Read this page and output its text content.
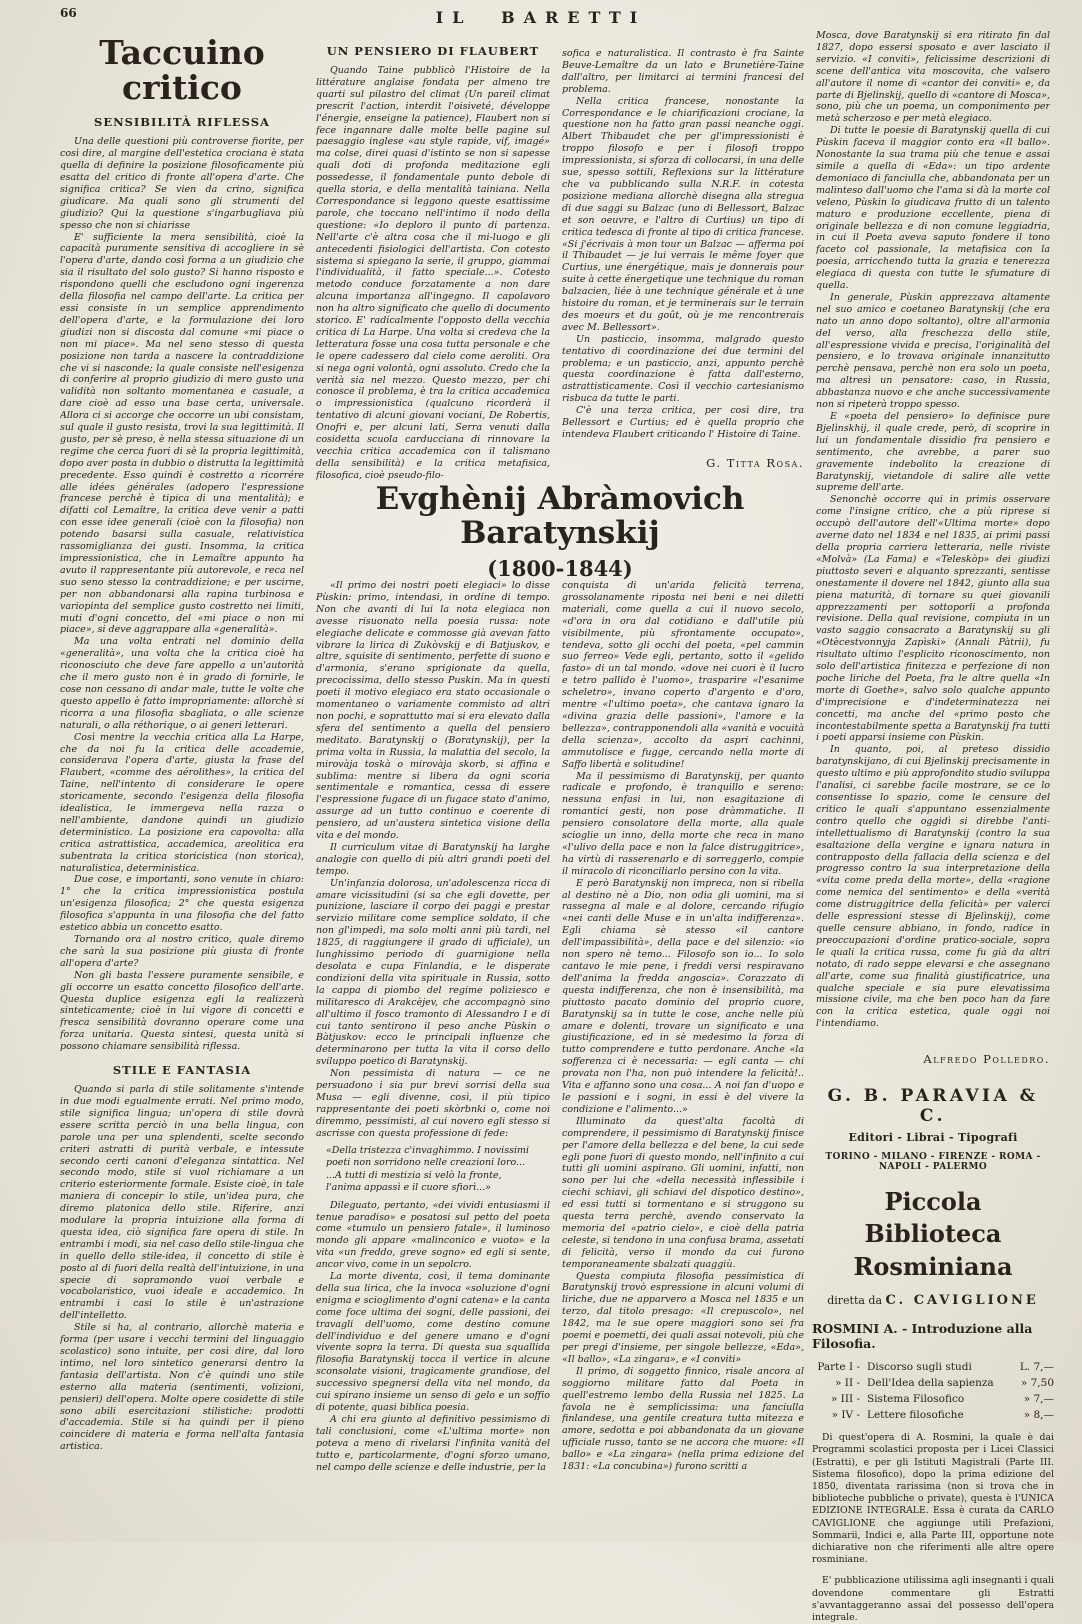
66	IL BARETTI
Taccuino critico
SENSIBILITÀ RIFLESSA

Una delle questioni più controverse fiorite, per così dire, al margine dell'estetica crociana è stata quella di definire la posizione filosoficamente più esatta del critico di fronte all'opera d'arte. Che significa critica? Se vien da crino, significa giudicare. Ma quali sono gli strumenti del giudizio? Qui la questione s'ingarbugliava più spesso che non si chiarisse

E' sufficiente la mera sensibilità, cioè la capacità puramente sensitiva di accogliere in sè l'opera d'arte, dando così forma a un giudizio che sia il risultato del solo gusto? Si hanno risposto e rispondono quelli che escludono ogni ingerenza della filosofia nel campo dell'arte. La critica per essi consiste in un semplice apprendimento dell'opera d'arte, e la formulazione dei loro giudizi non si discosta dal comune «mi piace o non mi piace». Ma nel seno stesso di questa posizione non tarda a nascere la contraddizione che vi si nasconde; la quale consiste nell'esigenza di conferire al proprio giudizio di mero gusto una validità non soltanto momentanea e casuale, a dare cioè ad esso una base certa, universale. Allora ci si accorge che occorre un ubi consistam, sul quale il gusto resista, trovi la sua legittimità. Il gusto, per sè preso, è nella stessa situazione di un regime che cerca fuori di sè la propria legittimità, dopo aver posta in dubbio o distrutta la legittimità precedente. Esso quindi è costretto a ricorrére alle idées générales (adopero l'espressione francese perchè è tipica di una mentalità); e difatti col Lemaître, la critica deve venir a patti con esse idee generali (cioè con la filosofia) non potendo basarsi sulla casuale, relativistica rassomiglianza dei gusti. Insomma, la critica impressionistica, che in Lemaître appunto ha avuto il rappresentante più autorevole, e reca nel suo seno stesso la contraddizione; e per uscirne, per non abbandonarsi alla rapina turbinosa e variopinta del semplice gusto costretto nei limiti, muti d'ogni concetto, del «mi piace o non mi piace», si deve aggrappare alla «generalità».

Ma una volta entrati nel dominio della «generalità», una volta che la critica cioè ha riconosciuto che deve fare appello a un'autorità che il mero gusto non è in grado di fornirle, le cose non cessano di andar male, tutte le volte che questo appello è fatto impropriamente: allorchè si ricorra a una filosofia sbagliata, o alle scienze naturali, o alla réthorique, o ai generi letterari.

Così mentre la vecchia critica alla La Harpe, che da noi fu la critica delle accademie, considerava l'opera d'arte, giusta la frase del Flaubert, «comme des aérolithes», la critica del Taine, nell'intento di considerare le opere storicamente, secondo l'esigenza della filosofia idealistica, le immergeva nella razza o nell'ambiente, dandone quindi un giudizio deterministico. La posizione era capovolta: alla critica astrattistica, accademica, areolitica era subentrata la critica storicistica (non storica), naturalistica, deterministica.

Due cose, e importanti, sono venute in chiaro: 1° che la critica impressionistica postula un'esigenza filosofica; 2° che questa esigenza filosofica s'appunta in una filosofia che del fatto estetico abbia un concetto esatto.

Tornando ora al nostro critico, quale diremo che sarà la sua posizione più giusta di fronte all'opera d'arte?

Non gli basta l'essere puramente sensibile, e gli occorre un esatto concetto filosofico dell'arte. Questa duplice esigenza egli la realizzerà sinteticamente; cioè in lui vigore di concetti e fresca sensibilità dovranno operare come una forza unitaria. Questa sintesi, questa unità si possono chiamare sensibilità riflessa.

STILE E FANTASIA

Quando si parla di stile solitamente s'intende in due modi egualmente errati. Nel primo modo, stile significa lingua; un'opera di stile dovrà essere scritta perciò in una bella lingua, con parole una per una splendenti, scelte secondo criteri astratti di purità verbale, e intessute secondo certi canoni d'eleganza sintattica. Nel secondo modo, stile si vuol richiamare a un criterio esteriormente formale. Esiste cioè, in tale maniera di concepir lo stile, un'idea pura, che diremo platonica dello stile. Riferire, anzi modulare la propria intuizione alla forma di questa idea, ciò significa fare opera di stile. In entrambi i modi, sia nel caso dello stile-lingua che in quello dello stile-idea, il concetto di stile è posto al di fuori della realtà dell'intuizione, in una specie di sopramondo vuoi verbale e vocabolaristico, vuoi ideale e accademico. In entrambi i casi lo stile è un'astrazione dell'intelletto.

Stile si ha, al contrario, allorchè materia e forma (per usare i vecchi termini del linguaggio scolastico) sono intuite, per così dire, dal loro intimo, nel loro sintetico generarsi dentro la fantasia dell'artista. Non c'è quindi uno stile esterno alla materia (sentimenti, volizioni, pensieri) dell'opera. Molte opere cosidette di stile sono abili esercitazioni stilistiche: prodotti d'accademia. Stile si ha quindi per il pieno coincidere di materia e forma nell'alta fantasia artistica.

UN PENSIERO DI FLAUBERT

Quando Taine pubblicò l'Histoire de la littérature anglaise fondata per almeno tre quarti sul pilastro del climat (Un pareil climat prescrit l'action, interdit l'oisiveté, développe l'énergie, enseigne la patience), Flaubert non si fece ingannare dalle molte belle pagine sul paesaggio inglese «au style rapide, vif, imagé» ma colse, direi quasi d'istinto se non si sapesse quali doti di profonda meditazione egli possedesse, il fondamentale punto debole di quella storia, e della mentalità tainiana. Nella Correspondance si leggono queste esattissime parole, che toccano nell'intimo il nodo della questione: «Io deploro il punto di partenza. Nell'arte c'è altra cosa che il mi-luogo e gli antecedenti fisiologici dell'artista. Con cotesto sistema si spiegano la serie, il gruppo, giammai l'individualità, il fatto speciale...». Cotesto metodo conduce forzatamente a non dare alcuna importanza all'ingegno. Il capolavoro non ha altro significato che quello di documento storico. E' radicalmente l'opposto della vecchia critica di La Harpe. Una volta si credeva che la letteratura fosse una cosa tutta personale e che le opere cadessero dal cielo come aeroliti. Ora si nega ogni volontà, ogni assoluto. Credo che la verità sia nel mezzo. Questo mezzo, per chi conosce il problema, è tra la critica accademica o impressionistica (qualcuno ricorderà il tentativo di alcuni giovani vociani, De Robertis, Onofri e, per alcuni lati, Serra venuti dalla cosidetta scuola carducciana di rinnovare la vecchia critica accademica con il talismano della sensibilità) e la critica metafisica, filosofica, cioè pseudo-filo-

sofica e naturalistica. Il contrasto è fra Sainte Beuve-Lemaître da un lato e Brunetière-Taine dall'altro, per limitarci ai termini francesi del problema.

Nella critica francese, nonostante la Correspondance e le chiarificazioni crociane, la questione non ha fatto gran passi neanche oggi. Albert Thibaudet che per gl'impressionisti è troppo filosofo e per i filosofi troppo impressionista, si sforza di collocarsi, in una delle sue, spesso sottili, Reflexions sur la littérature che va pubblicando sulla N.R.F. in cotesta posizione mediana allorchè disegna alla stregua di due saggi su Balzac (uno di Bellessort, Balzac et son oeuvre, e l'altro di Curtius) un tipo di critica tedesca di fronte al tipo di critica francese. «Si j'écrivais à mon tour un Balzac — afferma poi il Thibaudet — je lui verrais le même foyer que Curtius, une énergétique, mais je donnerais pour suite à cette énergetique une technique du roman balzacien, liée à une technique générale et à une histoire du roman, et je terminerais sur le terrain des moeurs et du goût, où je me rencontrerais avec M. Bellessort».

Un pasticcio, insomma, malgrado questo tentativo di coordinazione dei due termini del problema; e un pasticcio, anzi, appunto perchè questa coordinazione è fatta dall'esterno, astrattisticamente. Così il vecchio cartesianismo risbuca da tutte le parti.

C'è una terza critica, per così dire, tra Bellessort e Curtius; ed è quella proprio che intendeva Flaubert criticando l' Histoire di Taine.

G. Titta Rosa.
Evghènij Abràmovich Baratynskij
(1800-1844)

«Il primo dei nostri poeti elegiaci» lo disse Pùskin: primo, intendasi, in ordine di tempo. Non che avanti di lui la nota elegiaca non avesse risuonato nella poesia russa: note elegiache delicate e commosse già avevan fatto vibrare la lirica di Zukòvskij e di Batjuskov, e altre, squisite di sentimento, perfette di suono e d'armonia, s'erano sprigionate da quella, precocissima, dello stesso Puskin. Ma in questi poeti il motivo elegiaco era stato occasionale o momentaneo o variamente commisto ad altri non pochi, e soprattutto mai si era elevato dalla sfera del sentimento a quella del pensiero meditato. Baratynskij o (Boratynskij), per la prima volta in Russia, la malattia del secolo, la mirovàja toskà o mirovàja skorb, si affina e sublima: mentre si libera da ogni scoria sentimentale e romantica, cessa di essere l'espressione fugace di un fugace stato d'animo, assurge ad un tutto continuo e coerente di pensiero, ad un'austera sintetica visione della vita e del mondo.

Il curriculum vitae di Baratynskij ha larghe analogie con quello di più altri grandi poeti del tempo.

Un'infanzia dolorosa, un'adolescenza ricca di amare vicissitudini (si sa che egli dovette, per punizione, lasciare il corpo dei paggi e prestar servizio militare come semplice soldato, il che non gl'impedì, ma solo molti anni più tardi, nel 1825, di raggiungere il grado di ufficiale), un lunghissimo periodo di guarnigione nella desolata e cupa Finlandia, e le disperate condizioni della vita spirituale in Russia, sotto la cappa di piombo del regime poliziesco e militaresco di Arakcèjev, che accompagnò sino all'ultimo il fosco tramonto di Alessandro I e di cui tanto sentirono il peso anche Pùskin o Bàtjuskov: ecco le principali influenze che determinarono per tutta la vita il corso dello sviluppo poetico di Baratynskij.

Non pessimista di natura — ce ne persuadono i sia pur brevi sorrisi della sua Musa — egli divenne, così, il più tipico rappresentante dei poeti skòrbnki o, come noi diremmo, pessimisti, al cui novero egli stesso si ascrisse con questa professione di fede:

«Della tristezza c'invaghimmo. I novissimi
poeti non sorridono nelle creazioni loro...
...A tutti di mestizia si velò la fronte,
l'anima appassì e il cuore sfiorì...»

Dileguato, pertanto, «dei vividi entusiasmi il tenue paradiso» e posatosi sul petto del poeta come «tumulo un pensiero fatale», il luminoso mondo gli appare «malinconico e vuoto» e la vita «un freddo, greve sogno» ed egli si sente, ancor vivo, come in un sepolcro.

La morte diventa, così, il tema dominante della sua lirica, che la invoca «soluzione d'ogni enigma e scioglimento d'ogni catena» e la canta come foce ultima dei sogni, delle passioni, dei travagli dell'uomo, come destino comune dell'individuo e del genere umano e d'ogni vivente sopra la terra. Di questa sua squallida filosofia Baratynskij tocca il vertice in alcune sconsolate visioni, tragicamente grandiose, del successivo spegnersi della vita nel mondo, da cui spirano insieme un senso di gelo e un soffio di potente, quasi biblica poesia.

A chi era giunto al definitivo pessimismo di tali conclusioni, come «L'ultima morte» non poteva a meno di rivelarsi l'infinita vanità del tutto e, particolarmente, d'ogni sforzo umano, nel campo delle scienze e delle industrie, per la

conquista di un'arida felicità terrena, grossolanamente riposta nei beni e nei diletti materiali, come quella a cui il nuovo secolo, «d'ora in ora dal cotidiano e dall'utile più visibilmente, più sfrontamente occupato», tendeva, sotto gli occhi del poeta, «pel cammin suo ferreo» Vede egli, pertanto, sotto il «gelido fasto» di un tal mondo. «dove nei cuori è il lucro e tetro pallido è l'uomo», trasparire «l'esanime scheletro», invano coperto d'argento e d'oro, mentre «l'ultimo poeta», che cantava ignaro la «divina grazia delle passioni», l'amore e la bellezza», contrapponendoli alla «vanità e vocuità della scienza», accolto da aspri cachinni, ammutolisce e fugge, cercando nella morte di Saffo libertà e solitudine!

Ma il pessimismo di Baratynskij, per quanto radicale e profondo, è tranquillo e sereno: nessuna enfasi in lui, non esagitazione di romantici gesti, non pose dràmmatiche. Il pensiero consolatore della morte, alla quale scioglie un inno, della morte che reca in mano «l'ulivo della pace e non la falce distruggitrice», ha virtù di rasserenarlo e di sorreggerlo, compie il miracolo di riconciliarlo persino con la vita.

E però Baratynskij non impreca, non si ribella al destino nè a Dio, non odia gli uomini, ma si rassegna al male e al dolore, cercando rifugio «nei canti delle Muse e in un'alta indifferenza». Egli chiama sè stesso «il cantore dell'impassibilità», della pace e del silenzio: «io non spero nè temo... Filosofo son io... Io solo cantavo le mie pene, i freddi versi respiravano dell'anima la fredda angoscia». Corazzato di questa indifferenza, che non è insensibilità, ma piuttosto pacato dominio del proprio cuore, Baratynskij sa in tutte le cose, anche nelle più amare e dolenti, trovare un significato e una giustificazione, ed in sè medesimo la forza di tutto comprendere e tutto perdonare. Anche «la sofferenza ci è necessaria: — egli canta — chi provata non l'ha, non può intendere la felicità!.. Vita e affanno sono una cosa... A noi fan d'uopo e le passioni e i sogni, in essi è del vivere la condizione e l'alimento...»

Illuminato da quest'alta facoltà di comprendere, il pessimismo di Baratynskij finisce per l'amore della bellezza e del bene, la cui sede egli pone fuori di questo mondo, nell'infinito a cui tutti gli uomini aspirano. Gli uomini, infatti, non sono per lui che «della necessità inflessibile i ciechi schiavi, gli schiavi del dispotico destino», ed essi tutti si tormentano e si struggono su questa terra perchè, avendo conservato la memoria del «patrio cielo», e cioè della patria celeste, si tendono in una confusa brama, assetati di felicità, verso il mondo da cui furono temporaneamente sbalzati quaggiù.

Questa compiuta filosofia pessimistica di Baratynskij trovò espressione in alcuni volumi di liriche, due ne apparvero a Mosca nel 1835 e un terzo, dal titolo presago: «Il crepuscolo», nel 1842, ma le sue opere maggiori sono sei fra poemi e poemetti, dei quali assai notevoli, più che per pregi d'insieme, per singole bellezze, «Eda», «Il ballo», «La zingara», e «I conviti»

Il primo, di soggetto finnico, risale ancora al soggiorno militare fatto dal Poeta in quell'estremo lembo della Russia nel 1825. La favola ne è semplicissima: una fanciulla finlandese, una gentile creatura tutta mitezza e amore, sedotta e poi abbandonata da un giovane ufficiale russo, tanto se ne accora che muore: «Il ballo» e «La zingara» (nella prima edizione del 1831: «La concubina») furono scritti a

Mosca, dove Baratynskij si era ritirato fin dal 1827, dopo essersi sposato e aver lasciato il servizio. «I conviti», felicissime descrizioni di scene dell'antica vita moscovita, che valsero all'autore il nome di «cantor dei conviti» e, da parte di Bjelìnskij, quello di «cantore di Mosca», sono, più che un poema, un componimento per metà scherzoso e per metà elegiaco.

Di tutte le poesie di Baratynskij quella di cui Pùskin faceva il maggior conto era «Il ballo». Nonostante la sua trama più che tenue e assai simile a quella di «Eda»: un tipo ardente demoniaco di fanciulla che, abbandonata per un malinteso dall'uomo che l'ama si dà la morte col veleno, Pùskin lo giudicava frutto di un talento maturo e produzione eccellente, piena di originale bellezza e di non comune leggiadria, in cui il Poeta aveva saputo fondere il tono faceto col passionale, la metafisica con la poesia, arricchendo tutta la grazia e tenerezza elegiaca di questa con tutte le sfumature di quella.

In generale, Pùskin apprezzava altamente nel suo amico e coetaneo Baratynskij (che era nato un anno dopo soltanto), oltre all'armonia del verso, alla freschezza dello stile, all'espressione vivida e precisa, l'originalità del pensiero, e lo trovava originale innanzitutto perchè pensava, perchè non era solo un poeta, ma altresì un pensatore: caso, in Russia, abbastanza nuovo e che anche successivamente non si ripeterà troppo spesso.

E «poeta del pensiero» lo definisce pure Bjelìnskhij, il quale crede, però, di scoprire in lui un fondamentale dissidio fra pensiero e sentimento, che avrebbe, a parer suo gravemente indebolito la creazione di Baratynskij, vietandole di salire alle vette supreme dell'arte.

Senonchè occorre qui in primis osservare come l'insigne critico, che a più riprese si occupò dell'autore dell'«Ultima morte» dopo averne dato nel 1834 e nel 1835, ai primi passi della propria carriera letteraria, nelle riviste «Molvà» (La Fama) e «Teleskòp» dei giudizi piuttosto severi e alquanto sprezzanti, sentisse onestamente il dovere nel 1842, giunto alla sua piena maturità, di tornare su quei giovanili apprezzamenti per sottoporli a profonda revisione. Della qual revisione, compiuta in un vasto saggio consacrato a Baratynskij su gli «Otècestvonnyja Zapìski» (Annali Pàtrii), fu risultato ultimo l'esplicito riconoscimento, non solo dell'artistica finitezza e perfezione di non poche liriche del Poeta, fra le altre quella «In morte di Goethe», salvo solo qualche appunto d'imprecisione e d'indeterminatezza nei concetti, ma anche del «primo posto che incontestabilmente spetta a Baratynskij fra tutti i poeti apparsi insieme con Pùskin.

In quanto, poi, al preteso dissidio baratynskijano, di cui Bjelìnskij precisamente in questo ultimo e più approfondito studio sviluppa l'analisi, ci sarebbe facile mostrare, se ce lo consentisse lo spazio, come le censure del critico le quali s'appuntano essenzialmente contro quello che oggidì si direbbe l'anti-intellettualismo di Baratynskij (contro la sua esaltazione della vergine e ignara natura in contrapposto della fallacia della scienza e del progresso contro la sua interpretazione della «vita come preda della morte», della «ragione come nemica del sentimento» e della «verità come distruggitrice della felicità» per valerci delle espressioni stesse di Bjelìnskij), come quelle censure abbiano, in fondo, radice in preoccupazioni d'ordine pratico-sociale, sopra le quali la critica russa, come fu già da altri notato, di rado seppe elevarsi e che assegnano all'arte, come sua finalità giustificatrice, una qualche speciale e sia pure elevatissima missione civile, ma che ben poco han da fare con la critica estetica, quale oggi noi l'intendiamo.

Alfredo Polledro.

G. B. PARAVIA & C.

Editori - Librai - Tipografi

TORINO - MILANO - FIRENZE - ROMA - NAPOLI - PALERMO

Piccola Biblioteca
Rosminiana

diretta da C. CAVIGLIONE

ROSMINI A. - Introduzione alla Filosofia.

Parte I - Discorso sugli studi	L. 7,—
» II - Dell'Idea della sapienza	» 7,50
» III - Sistema Filosofico	» 7,—
» IV - Lettere filosofiche	» 8,—

Di quest'opera di A. Rosmini, la quale è dai Programmi scolastici proposta per i Licei Classici (Estratti), e per gli Istituti Magistrali (Parte III. Sistema filosofico), dopo la prima edizione del 1850, diventata rarissima (non si trova che in biblioteche pubbliche o private), questa è l'UNICA EDIZIONE INTEGRALE. Essa è curata da CARLO CAVIGLIONE che aggiunge utili Prefazioni, Sommarii, Indici e, alla Parte III, opportune note dichiarative non che riferimenti alle altre opere rosminiane.

E' pubblicazione utilissima agli insegnanti i quali dovendone commentare gli Estratti s'avvantaggeranno assai del possesso dell'opera integrale.
